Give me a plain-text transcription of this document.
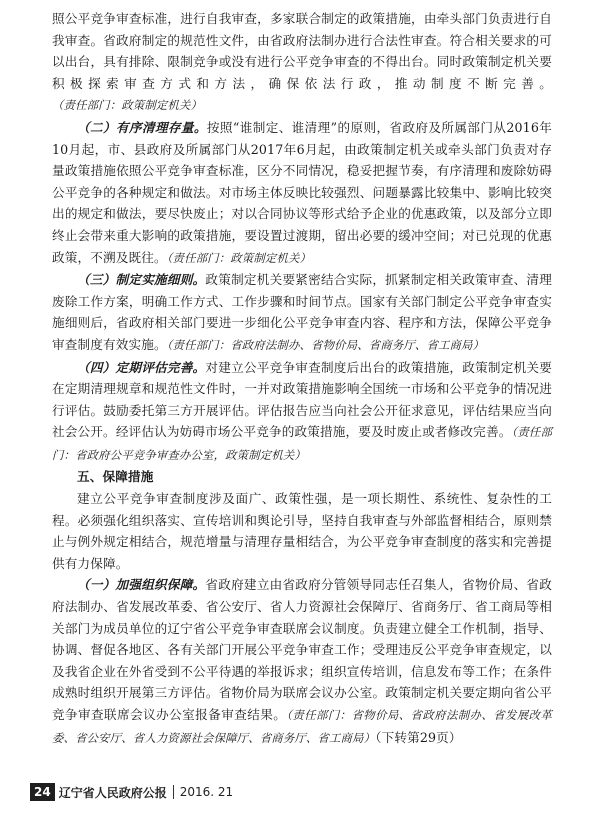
照公平竞争审查标准，进行自我审查，多家联合制定的政策措施，由牵头部门负责进行自我审查。省政府制定的规范性文件，由省政府法制办进行合法性审查。符合相关要求的可以出台，具有排除、限制竞争或没有进行公平竞争审查的不得出台。同时政策制定机关要积极探索审查方式和方法，确保依法行政，推动制度不断完善。（责任部门：政策制定机关）

（二）有序清理存量。按照“谁制定、谁清理”的原则，省政府及所属部门从2016年10月起，市、县政府及所属部门从2017年6月起，由政策制定机关或牵头部门负责对存量政策措施依照公平竞争审查标准，区分不同情况，稳妥把握节奏，有序清理和废除妨碍公平竞争的各种规定和做法。对市场主体反映比较强烈、问题暴露比较集中、影响比较突出的规定和做法，要尽快废止；对以合同协议等形式给予企业的优惠政策，以及部分立即终止会带来重大影响的政策措施，要设置过渡期，留出必要的缓冲空间；对已兑现的优惠政策，不溯及既往。（责任部门：政策制定机关）

（三）制定实施细则。政策制定机关要紧密结合实际，抓紧制定相关政策审查、清理废除工作方案，明确工作方式、工作步骤和时间节点。国家有关部门制定公平竞争审查实施细则后，省政府相关部门要进一步细化公平竞争审查内容、程序和方法，保障公平竞争审查制度有效实施。（责任部门：省政府法制办、省物价局、省商务厅、省工商局）

（四）定期评估完善。对建立公平竞争审查制度后出台的政策措施，政策制定机关要在定期清理规章和规范性文件时，一并对政策措施影响全国统一市场和公平竞争的情况进行评估。鼓励委托第三方开展评估。评估报告应当向社会公开征求意见，评估结果应当向社会公开。经评估认为妨碍市场公平竞争的政策措施，要及时废止或者修改完善。（责任部门：省政府公平竞争审查办公室，政策制定机关）

五、保障措施

建立公平竞争审查制度涉及面广、政策性强，是一项长期性、系统性、复杂性的工程。必须强化组织落实、宣传培训和舆论引导，坚持自我审查与外部监督相结合，原则禁止与例外规定相结合，规范增量与清理存量相结合，为公平竞争审查制度的落实和完善提供有力保障。

（一）加强组织保障。省政府建立由省政府分管领导同志任召集人，省物价局、省政府法制办、省发展改革委、省公安厅、省人力资源社会保障厅、省商务厅、省工商局等相关部门为成员单位的辽宁省公平竞争审查联席会议制度。负责建立健全工作机制，指导、协调、督促各地区、各有关部门开展公平竞争审查工作；受理违反公平竞争审查规定，以及我省企业在外省受到不公平待遇的举报诉求；组织宣传培训，信息发布等工作；在条件成熟时组织开展第三方评估。省物价局为联席会议办公室。政策制定机关要定期向省公平竞争审查联席会议办公室报备审查结果。（责任部门：省物价局、省政府法制办、省发展改革委、省公安厅、省人力资源社会保障厅、省商务厅、省工商局）（下转第29页）

24 辽宁省人民政府公报 2016. 21
